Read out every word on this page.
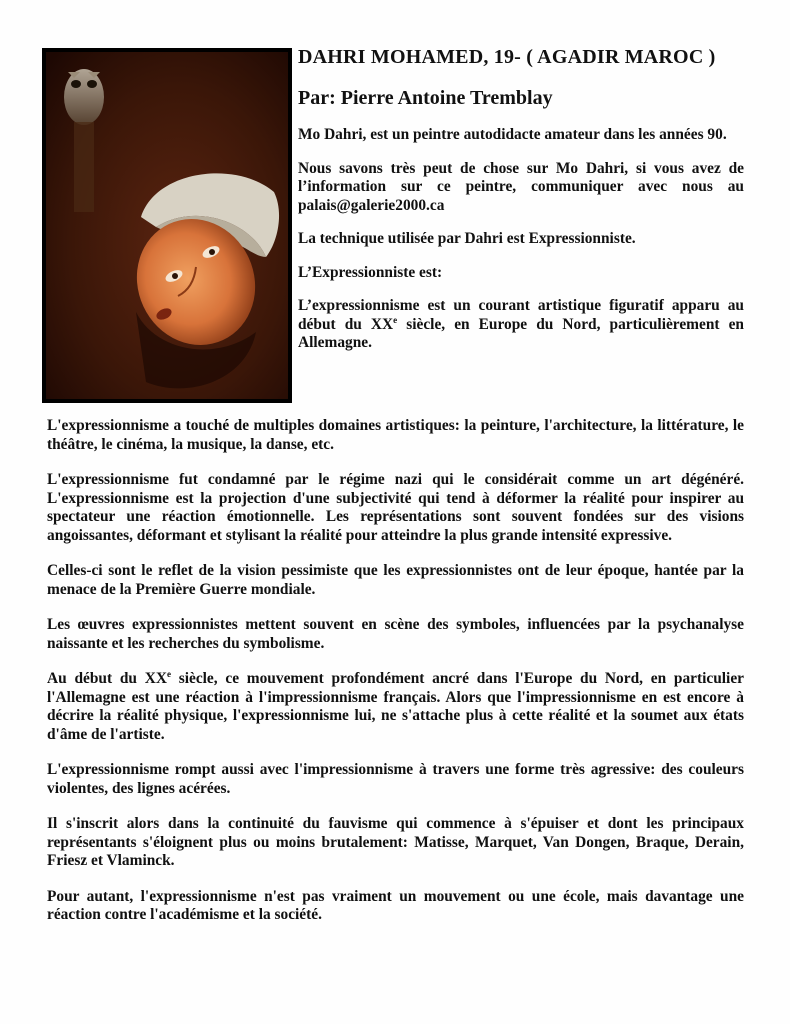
DAHRI MOHAMED, 19- ( AGADIR MAROC )
Par: Pierre Antoine Tremblay
Mo Dahri, est un peintre autodidacte amateur dans les années 90.
Nous savons très peut de chose sur Mo Dahri, si vous avez de l’information sur ce peintre, communiquer avec nous au palais@galerie2000.ca
La technique utilisée par Dahri est Expressionniste.
L’Expressionniste est:
L’expressionnisme est un courant artistique figuratif apparu au début du XXe siècle, en Europe du Nord, particulièrement en Allemagne.
L'expressionnisme a touché de multiples domaines artistiques: la peinture, l'architecture, la littérature, le théâtre, le cinéma, la musique, la danse, etc.
L'expressionnisme fut condamné par le régime nazi qui le considérait comme un art dégénéré. L'expressionnisme est la projection d'une subjectivité qui tend à déformer la réalité pour inspirer au spectateur une réaction émotionnelle. Les représentations sont souvent fondées sur des visions angoissantes, déformant et stylisant la réalité pour atteindre la plus grande intensité expressive.
Celles-ci sont le reflet de la vision pessimiste que les expressionnistes ont de leur époque, hantée par la menace de la Première Guerre mondiale.
Les œuvres expressionnistes mettent souvent en scène des symboles, influencées par la psychanalyse naissante et les recherches du symbolisme.
Au début du XXe siècle, ce mouvement profondément ancré dans l'Europe du Nord, en particulier l'Allemagne est une réaction à l'impressionnisme français. Alors que l'impressionnisme en est encore à décrire la réalité physique, l'expressionnisme lui, ne s'attache plus à cette réalité et la soumet aux états d'âme de l'artiste.
L'expressionnisme rompt aussi avec l'impressionnisme à travers une forme très agressive: des couleurs violentes, des lignes acérées.
Il s'inscrit alors dans la continuité du fauvisme qui commence à s'épuiser et dont les principaux représentants s'éloignent plus ou moins brutalement: Matisse, Marquet, Van Dongen, Braque, Derain, Friesz et Vlaminck.
Pour autant, l'expressionnisme n'est pas vraiment un mouvement ou une école, mais davantage une réaction contre l'académisme et la société.
